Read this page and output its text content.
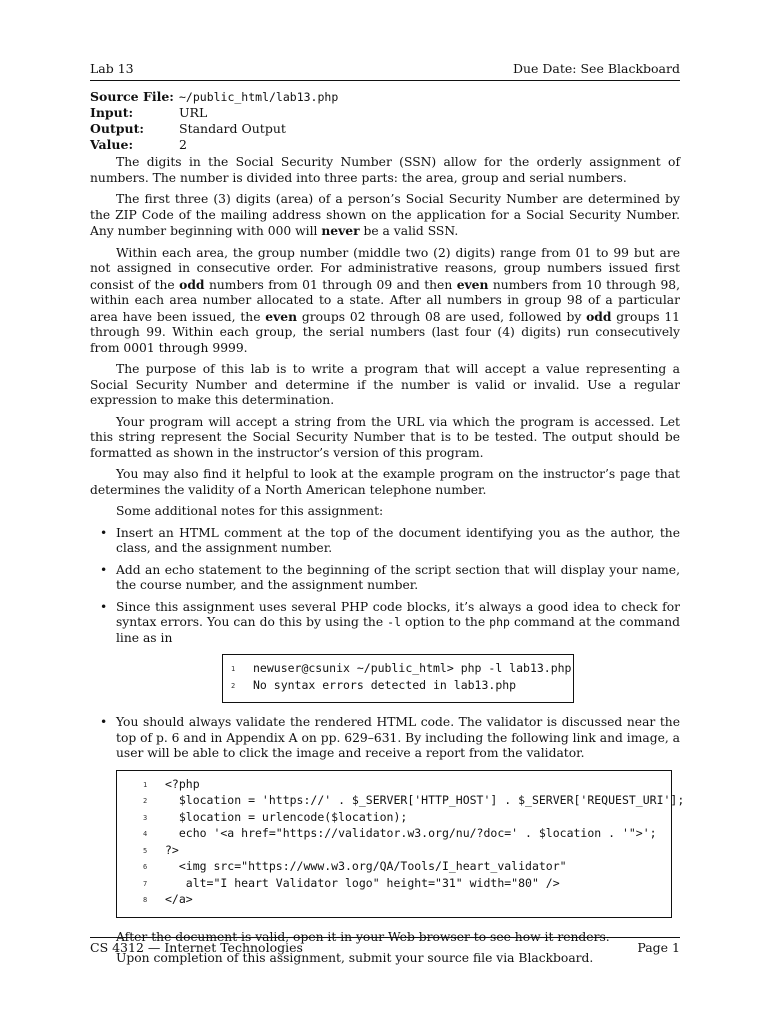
Lab 13	Due Date: See Blackboard
Source File: ~/public_html/lab13.php
Input:	URL
Output:	Standard Output
Value:	2

The digits in the Social Security Number (SSN) allow for the orderly assignment of numbers. The number is divided into three parts: the area, group and serial numbers.

The first three (3) digits (area) of a person’s Social Security Number are determined by the ZIP Code of the mailing address shown on the application for a Social Security Number. Any number beginning with 000 will never be a valid SSN.

Within each area, the group number (middle two (2) digits) range from 01 to 99 but are not assigned in consecutive order. For administrative reasons, group numbers issued first consist of the odd numbers from 01 through 09 and then even numbers from 10 through 98, within each area number allocated to a state. After all numbers in group 98 of a particular area have been issued, the even groups 02 through 08 are used, followed by odd groups 11 through 99. Within each group, the serial numbers (last four (4) digits) run consecutively from 0001 through 9999.

The purpose of this lab is to write a program that will accept a value representing a Social Security Number and determine if the number is valid or invalid. Use a regular expression to make this determination.

Your program will accept a string from the URL via which the program is accessed. Let this string represent the Social Security Number that is to be tested. The output should be formatted as shown in the instructor’s version of this program.

You may also find it helpful to look at the example program on the instructor’s page that determines the validity of a North American telephone number.

Some additional notes for this assignment:

• Insert an HTML comment at the top of the document identifying you as the author, the class, and the assignment number.
• Add an echo statement to the beginning of the script section that will display your name, the course number, and the assignment number.
• Since this assignment uses several PHP code blocks, it’s always a good idea to check for syntax errors. You can do this by using the -l option to the php command at the command line as in
1 newuser@csunix ~/public_html> php -l lab13.php
2 No syntax errors detected in lab13.php
• You should always validate the rendered HTML code. The validator is discussed near the top of p. 6 and in Appendix A on pp. 629–631. By including the following link and image, a user will be able to click the image and receive a report from the validator.
1 <?php
2  $location = 'https://' . $_SERVER['HTTP_HOST'] . $_SERVER['REQUEST_URI'];
3  $location = urlencode($location);
4  echo '<a href="https://validator.w3.org/nu/?doc=' . $location . '">';
5 ?>
6  <img src="https://www.w3.org/QA/Tools/I_heart_validator"
7   alt="I heart Validator logo" height="31" width="80" />
8 </a>

After the document is valid, open it in your Web browser to see how it renders.

Upon completion of this assignment, submit your source file via Blackboard.

CS 4312 — Internet Technologies	Page 1
